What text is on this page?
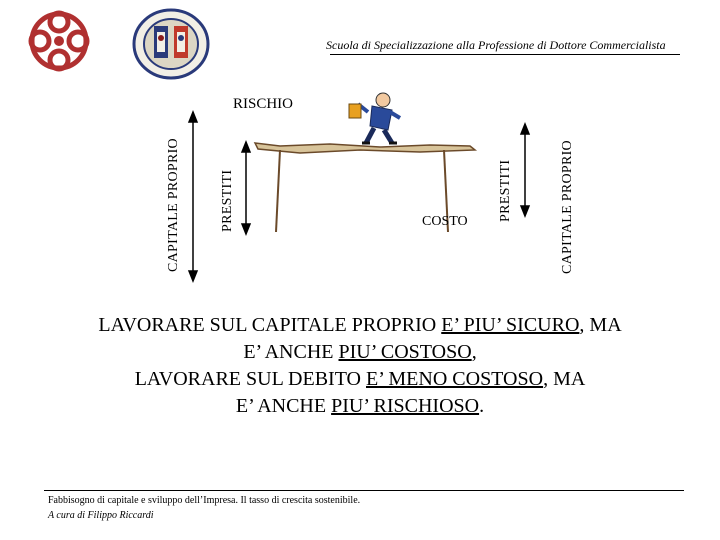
Scuola di Specializzazione alla Professione di Dottore Commercialista
RISCHIO
COSTO
CAPITALE PROPRIO	PRESTITI	PRESTITI	CAPITALE PROPRIO
LAVORARE SUL CAPITALE PROPRIO E’ PIU’ SICURO, MA
E’ ANCHE PIU’ COSTOSO,
LAVORARE SUL DEBITO E’ MENO COSTOSO, MA
E’ ANCHE PIU’ RISCHIOSO.
Fabbisogno di capitale e sviluppo dell’Impresa. Il tasso di crescita sostenibile.
A cura di Filippo Riccardi
